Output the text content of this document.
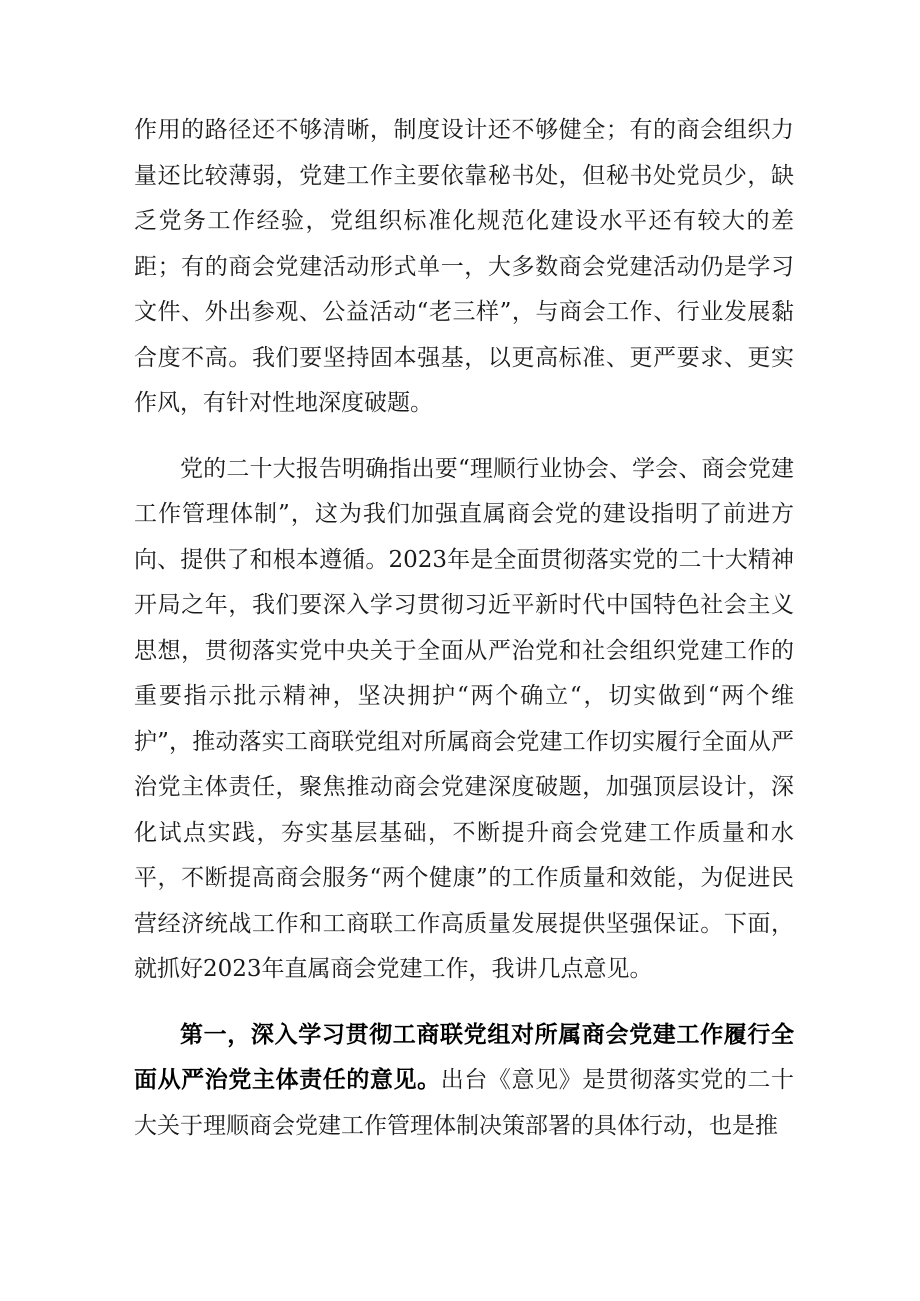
作用的路径还不够清晰，制度设计还不够健全；有的商会组织力量还比较薄弱，党建工作主要依靠秘书处，但秘书处党员少，缺乏党务工作经验，党组织标准化规范化建设水平还有较大的差距；有的商会党建活动形式单一，大多数商会党建活动仍是学习文件、外出参观、公益活动“老三样”，与商会工作、行业发展黏合度不高。我们要坚持固本强基，以更高标准、更严要求、更实作风，有针对性地深度破题。

党的二十大报告明确指出要“理顺行业协会、学会、商会党建工作管理体制”，这为我们加强直属商会党的建设指明了前进方向、提供了和根本遵循。2023年是全面贯彻落实党的二十大精神开局之年，我们要深入学习贯彻习近平新时代中国特色社会主义思想，贯彻落实党中央关于全面从严治党和社会组织党建工作的重要指示批示精神，坚决拥护“两个确立“，切实做到“两个维护”，推动落实工商联党组对所属商会党建工作切实履行全面从严治党主体责任，聚焦推动商会党建深度破题，加强顶层设计，深化试点实践，夯实基层基础，不断提升商会党建工作质量和水平，不断提高商会服务“两个健康”的工作质量和效能，为促进民营经济统战工作和工商联工作高质量发展提供坚强保证。下面，就抓好2023年直属商会党建工作，我讲几点意见。

第一，深入学习贯彻工商联党组对所属商会党建工作履行全面从严治党主体责任的意见。出台《意见》是贯彻落实党的二十大关于理顺商会党建工作管理体制决策部署的具体行动，也是推
